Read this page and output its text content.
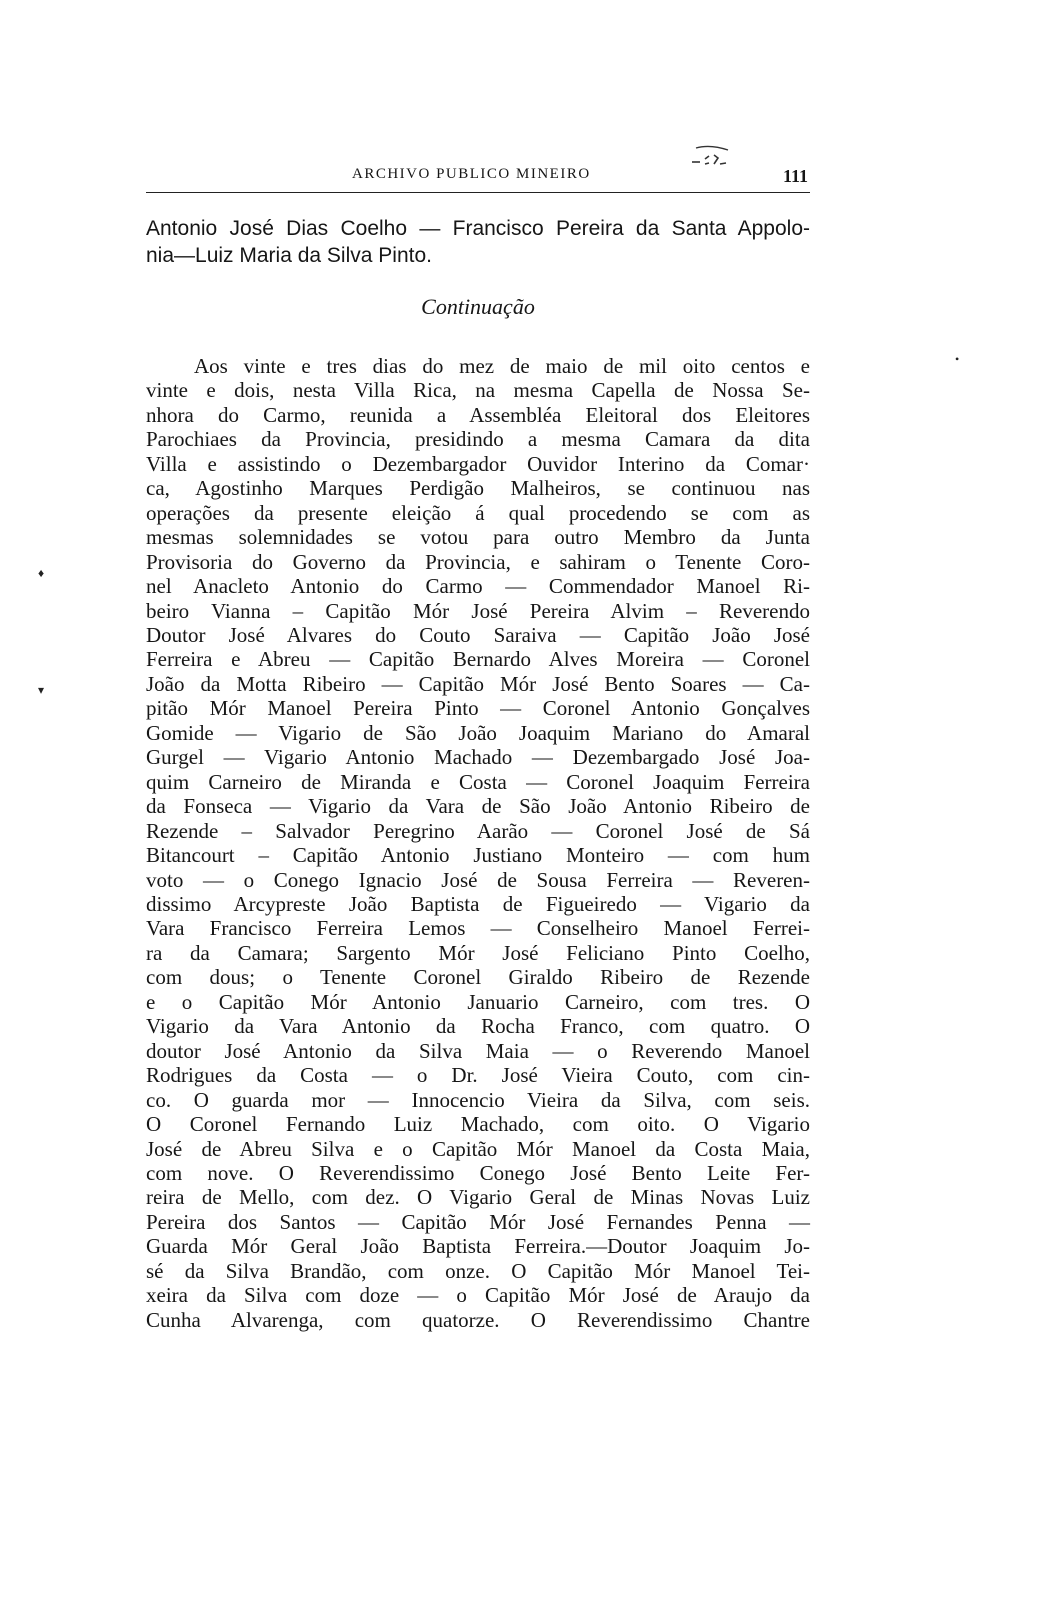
ARCHIVO PUBLICO MINEIRO	111

Antonio José Dias Coelho — Francisco Pereira da Santa Appolo-
nia—Luiz Maria da Silva Pinto.

Continuação

Aos vinte e tres dias do mez de maio de mil oito centos e
vinte e dois, nesta Villa Rica, na mesma Capella de Nossa Se-
nhora do Carmo, reunida a Assembléa Eleitoral dos Eleitores
Parochiaes da Provincia, presidindo a mesma Camara da dita
Villa e assistindo o Dezembargador Ouvidor Interino da Comar·
ca, Agostinho Marques Perdigão Malheiros, se continuou nas
operações da presente eleição á qual procedendo se com as
mesmas solemnidades se votou para outro Membro da Junta
Provisoria do Governo da Provincia, e sahiram o Tenente Coro-
nel Anacleto Antonio do Carmo — Commendador Manoel Ri-
beiro Vianna – Capitão Mór José Pereira Alvim – Reverendo
Doutor José Alvares do Couto Saraiva — Capitão João José
Ferreira e Abreu — Capitão Bernardo Alves Moreira — Coronel
João da Motta Ribeiro — Capitão Mór José Bento Soares — Ca-
pitão Mór Manoel Pereira Pinto — Coronel Antonio Gonçalves
Gomide — Vigario de São João Joaquim Mariano do Amaral
Gurgel — Vigario Antonio Machado — Dezembargado José Joa-
quim Carneiro de Miranda e Costa — Coronel Joaquim Ferreira
da Fonseca — Vigario da Vara de São João Antonio Ribeiro de
Rezende – Salvador Peregrino Aarão — Coronel José de Sá
Bitancourt – Capitão Antonio Justiano Monteiro — com hum
voto — o Conego Ignacio José de Sousa Ferreira — Reveren-
dissimo Arcypreste João Baptista de Figueiredo — Vigario da
Vara Francisco Ferreira Lemos — Conselheiro Manoel Ferrei-
ra da Camara; Sargento Mór José Feliciano Pinto Coelho,
com dous; o Tenente Coronel Giraldo Ribeiro de Rezende
e o Capitão Mór Antonio Januario Carneiro, com tres. O
Vigario da Vara Antonio da Rocha Franco, com quatro. O
doutor José Antonio da Silva Maia — o Reverendo Manoel
Rodrigues da Costa — o Dr. José Vieira Couto, com cin-
co. O guarda mor — Innocencio Vieira da Silva, com seis.
O Coronel Fernando Luiz Machado, com oito. O Vigario
José de Abreu Silva e o Capitão Mór Manoel da Costa Maia,
com nove. O Reverendissimo Conego José Bento Leite Fer-
reira de Mello, com dez. O Vigario Geral de Minas Novas Luiz
Pereira dos Santos — Capitão Mór José Fernandes Penna —
Guarda Mór Geral João Baptista Ferreira.—Doutor Joaquim Jo-
sé da Silva Brandão, com onze. O Capitão Mór Manoel Tei-
xeira da Silva com doze — o Capitão Mór José de Araujo da
Cunha Alvarenga, com quatorze. O Reverendissimo Chantre

•
♦
▾
